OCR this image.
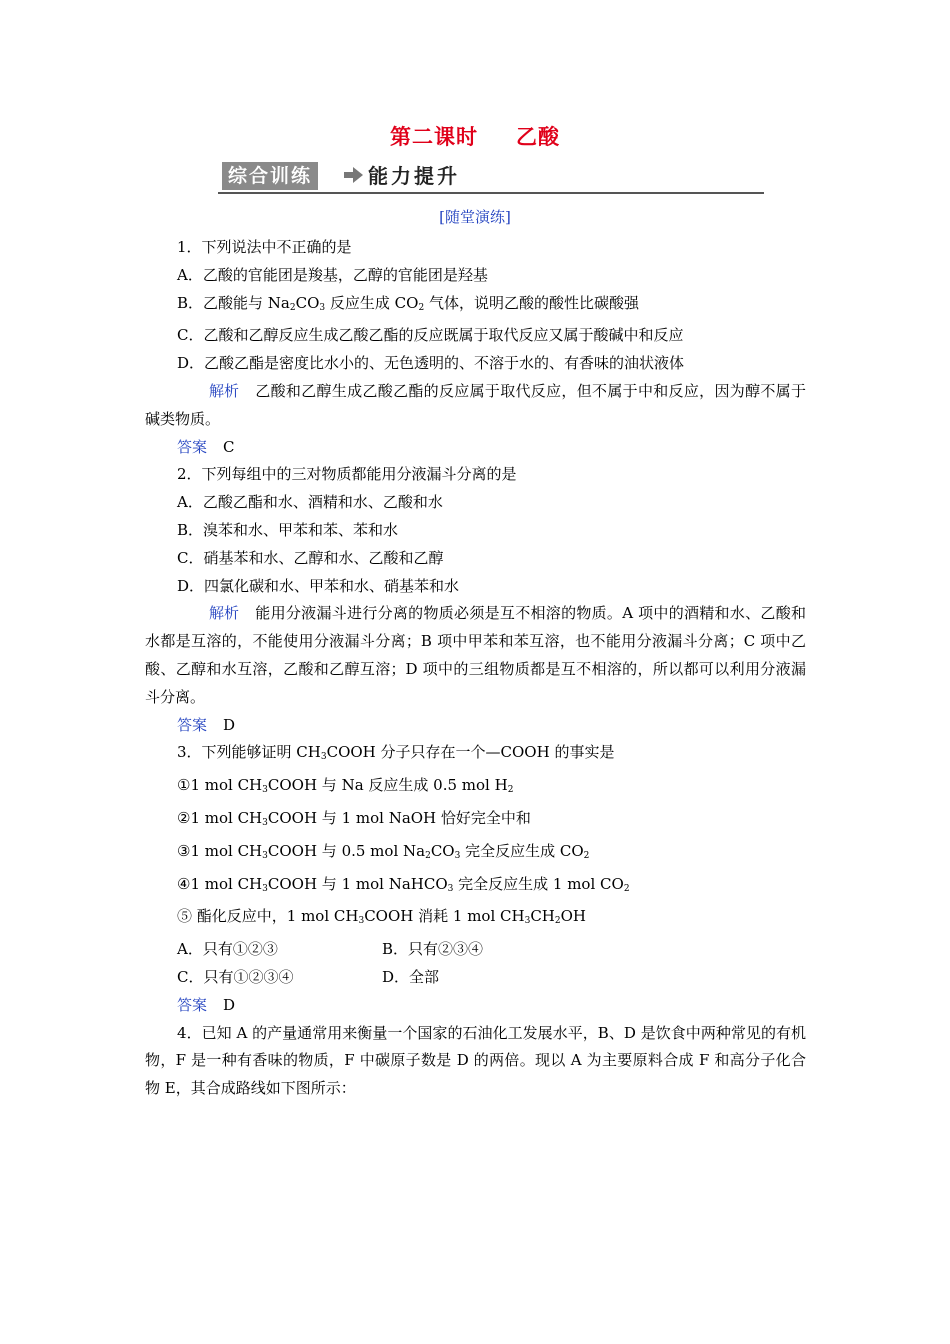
第二课时 乙酸
综合训练	能力提升
[随堂演练]
1．下列说法中不正确的是
A．乙酸的官能团是羧基，乙醇的官能团是羟基
B．乙酸能与 $Na_2CO_3$ 反应生成 $CO_2$ 气体，说明乙酸的酸性比碳酸强
C．乙酸和乙醇反应生成乙酸乙酯的反应既属于取代反应又属于酸碱中和反应
D．乙酸乙酯是密度比水小的、无色透明的、不溶于水的、有香味的油状液体
解析 乙酸和乙醇生成乙酸乙酯的反应属于取代反应，但不属于中和反应，因为醇不属于碱类物质。
答案 C
2．下列每组中的三对物质都能用分液漏斗分离的是
A．乙酸乙酯和水、酒精和水、乙酸和水
B．溴苯和水、甲苯和苯、苯和水
C．硝基苯和水、乙醇和水、乙酸和乙醇
D．四氯化碳和水、甲苯和水、硝基苯和水
解析 能用分液漏斗进行分离的物质必须是互不相溶的物质。A 项中的酒精和水、乙酸和水都是互溶的，不能使用分液漏斗分离；B 项中甲苯和苯互溶，也不能用分液漏斗分离；C 项中乙酸、乙醇和水互溶，乙酸和乙醇互溶；D 项中的三组物质都是互不相溶的，所以都可以利用分液漏斗分离。
答案 D
3．下列能够证明 $CH_3COOH$ 分子只存在一个—COOH 的事实是
①1 mol $CH_3COOH$ 与 Na 反应生成 0.5 mol $H_2$
②1 mol $CH_3COOH$ 与 1 mol NaOH 恰好完全中和
③1 mol $CH_3COOH$ 与 0.5 mol $Na_2CO_3$ 完全反应生成 $CO_2$
④1 mol $CH_3COOH$ 与 1 mol NaHCO$_3$ 完全反应生成 1 mol $CO_2$
⑤ 酯化反应中，1 mol $CH_3COOH$ 消耗 1 mol $CH_3CH_2OH$
A．只有①②③	B．只有②③④
C．只有①②③④	D．全部
答案 D
4．已知 A 的产量通常用来衡量一个国家的石油化工发展水平，B、D 是饮食中两种常见的有机物，F 是一种有香味的物质，F 中碳原子数是 D 的两倍。现以 A 为主要原料合成 F 和高分子化合物 E，其合成路线如下图所示：
